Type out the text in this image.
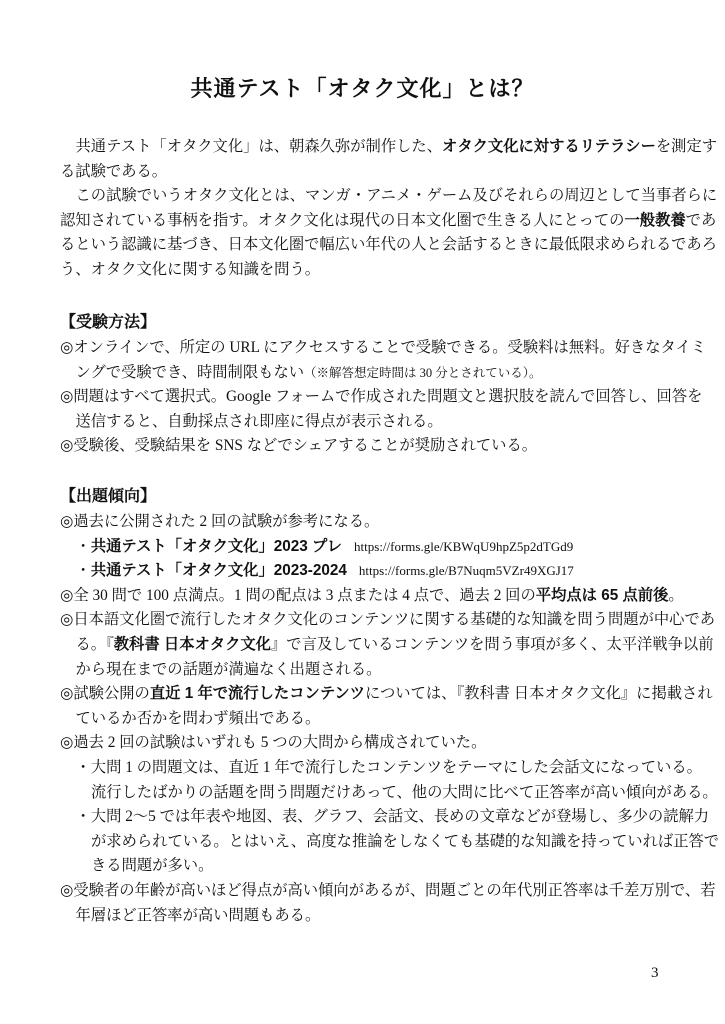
共通テスト「オタク文化」とは？
共通テスト「オタク文化」は、朝森久弥が制作した、オタク文化に対するリテラシーを測定す
る試験である。
この試験でいうオタク文化とは、マンガ・アニメ・ゲーム及びそれらの周辺として当事者らに
認知されている事柄を指す。オタク文化は現代の日本文化圏で生きる人にとっての一般教養であ
るという認識に基づき、日本文化圏で幅広い年代の人と会話するときに最低限求められるであろ
う、オタク文化に関する知識を問う。
【受験方法】
◎オンラインで、所定の URL にアクセスすることで受験できる。受験料は無料。好きなタイミ
ングで受験でき、時間制限もない（※解答想定時間は 30 分とされている）。
◎問題はすべて選択式。Google フォームで作成された問題文と選択肢を読んで回答し、回答を
送信すると、自動採点され即座に得点が表示される。
◎受験後、受験結果を SNS などでシェアすることが奨励されている。
【出題傾向】
◎過去に公開された 2 回の試験が参考になる。
・共通テスト「オタク文化」2023 プレ https://forms.gle/KBWqU9hpZ5p2dTGd9
・共通テスト「オタク文化」2023-2024 https://forms.gle/B7Nuqm5VZr49XGJ17
◎全 30 問で 100 点満点。1 問の配点は 3 点または 4 点で、過去 2 回の平均点は 65 点前後。
◎日本語文化圏で流行したオタク文化のコンテンツに関する基礎的な知識を問う問題が中心であ
る。『教科書 日本オタク文化』で言及しているコンテンツを問う事項が多く、太平洋戦争以前
から現在までの話題が満遍なく出題される。
◎試験公開の直近 1 年で流行したコンテンツについては、『教科書 日本オタク文化』に掲載され
ているか否かを問わず頻出である。
◎過去 2 回の試験はいずれも 5 つの大問から構成されていた。
・大問 1 の問題文は、直近 1 年で流行したコンテンツをテーマにした会話文になっている。
流行したばかりの話題を問う問題だけあって、他の大問に比べて正答率が高い傾向がある。
・大問 2～5 では年表や地図、表、グラフ、会話文、長めの文章などが登場し、多少の読解力
が求められている。とはいえ、高度な推論をしなくても基礎的な知識を持っていれば正答で
きる問題が多い。
◎受験者の年齢が高いほど得点が高い傾向があるが、問題ごとの年代別正答率は千差万別で、若
年層ほど正答率が高い問題もある。
3
